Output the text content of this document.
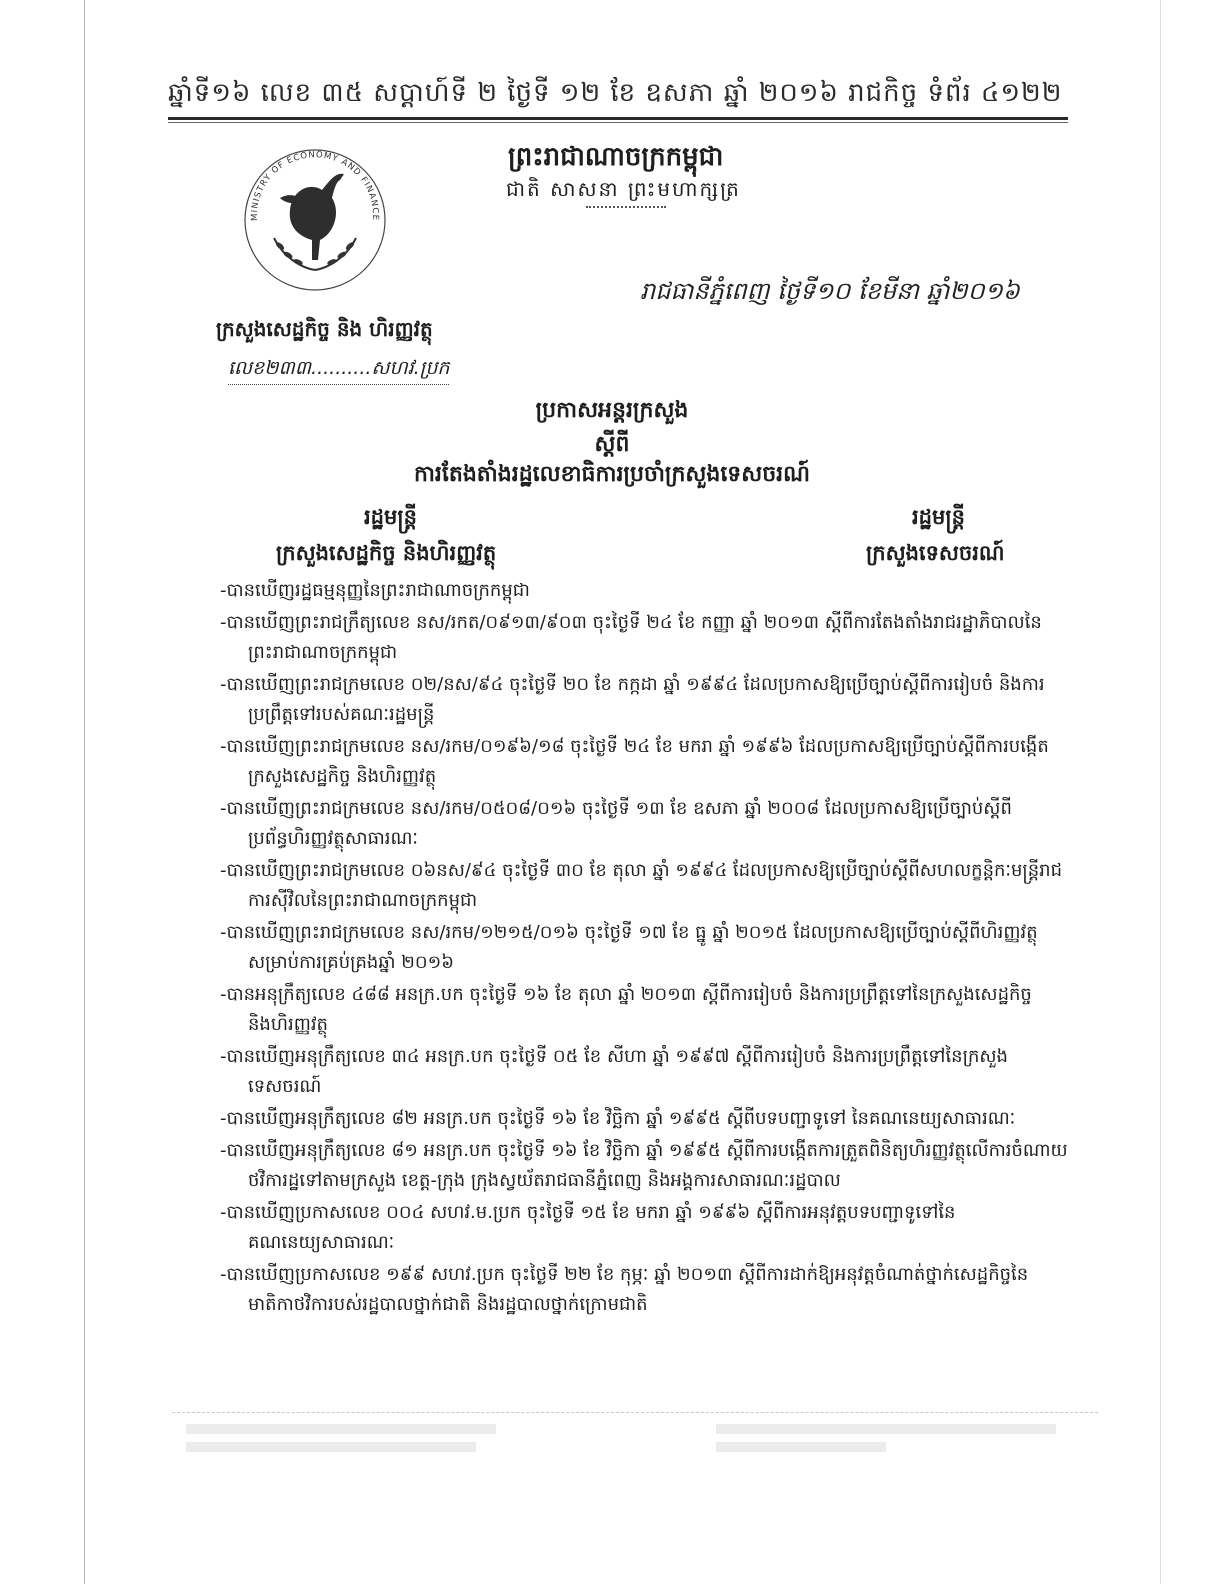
ឆ្នាំទី១៦ លេខ ៣៥ សប្ដាហ៍ទី ២ ថ្ងៃទី ១២ ខែ ឧសភា ឆ្នាំ ២០១៦ រាជកិច្ច ទំព័រ ៤១២២
MINISTRY OF ECONOMY AND FINANCE
ក្រសួងសេដ្ឋកិច្ច និង ហិរញ្ញវត្ថុ
លេខ២៣៣..........សហវ.ប្រក
ព្រះរាជាណាចក្រកម្ពុជា
ជាតិ សាសនា ព្រះមហាក្សត្រ
រាជធានីភ្នំពេញ ថ្ងៃទី១០ ខែមីនា ឆ្នាំ២០១៦
ប្រកាសអន្តរក្រសួង
ស្ដីពី
ការតែងតាំងរដ្ឋលេខាធិការប្រចាំក្រសួងទេសចរណ៍
រដ្ឋមន្ត្រី
ក្រសួងសេដ្ឋកិច្ច និងហិរញ្ញវត្ថុ
រដ្ឋមន្ត្រី
ក្រសួងទេសចរណ៍
-បានឃើញរដ្ឋធម្មនុញ្ញនៃព្រះរាជាណាចក្រកម្ពុជា
-បានឃើញព្រះរាជក្រឹត្យលេខ នស/រកត/០៩១៣/៩០៣ ចុះថ្ងៃទី ២៤ ខែ កញ្ញា ឆ្នាំ ២០១៣ ស្ដីពីការតែងតាំងរាជរដ្ឋាភិបាលនៃព្រះរាជាណាចក្រកម្ពុជា
-បានឃើញព្រះរាជក្រមលេខ ០២/នស/៩៤ ចុះថ្ងៃទី ២០ ខែ កក្កដា ឆ្នាំ ១៩៩៤ ដែលប្រកាសឱ្យប្រើច្បាប់ស្ដីពីការរៀបចំ និងការប្រព្រឹត្តទៅរបស់គណៈរដ្ឋមន្ត្រី
-បានឃើញព្រះរាជក្រមលេខ នស/រកម/០១៩៦/១៨ ចុះថ្ងៃទី ២៤ ខែ មករា ឆ្នាំ ១៩៩៦ ដែលប្រកាសឱ្យប្រើច្បាប់ស្ដីពីការបង្កើតក្រសួងសេដ្ឋកិច្ច និងហិរញ្ញវត្ថុ
-បានឃើញព្រះរាជក្រមលេខ នស/រកម/០៥០៨/០១៦ ចុះថ្ងៃទី ១៣ ខែ ឧសភា ឆ្នាំ ២០០៨ ដែលប្រកាសឱ្យប្រើច្បាប់ស្ដីពីប្រព័ន្ធហិរញ្ញវត្ថុសាធារណៈ
-បានឃើញព្រះរាជក្រមលេខ ០៦នស/៩៤ ចុះថ្ងៃទី ៣០ ខែ តុលា ឆ្នាំ ១៩៩៤ ដែលប្រកាសឱ្យប្រើច្បាប់ស្ដីពីសហលក្ខន្តិកៈមន្ត្រីរាជការស៊ីវិលនៃព្រះរាជាណាចក្រកម្ពុជា
-បានឃើញព្រះរាជក្រមលេខ នស/រកម/១២១៥/០១៦ ចុះថ្ងៃទី ១៧ ខែ ធ្នូ ឆ្នាំ ២០១៥ ដែលប្រកាសឱ្យប្រើច្បាប់ស្ដីពីហិរញ្ញវត្ថុសម្រាប់ការគ្រប់គ្រងឆ្នាំ ២០១៦
-បានអនុក្រឹត្យលេខ ៤៨៨ អនក្រ.បក ចុះថ្ងៃទី ១៦ ខែ តុលា ឆ្នាំ ២០១៣ ស្ដីពីការរៀបចំ និងការប្រព្រឹត្តទៅនៃក្រសួងសេដ្ឋកិច្ច និងហិរញ្ញវត្ថុ
-បានឃើញអនុក្រឹត្យលេខ ៣៤ អនក្រ.បក ចុះថ្ងៃទី ០៥ ខែ សីហា ឆ្នាំ ១៩៩៧ ស្ដីពីការរៀបចំ និងការប្រព្រឹត្តទៅនៃក្រសួងទេសចរណ៍
-បានឃើញអនុក្រឹត្យលេខ ៨២ អនក្រ.បក ចុះថ្ងៃទី ១៦ ខែ វិច្ឆិកា ឆ្នាំ ១៩៩៥ ស្ដីពីបទបញ្ជាទូទៅ នៃគណនេយ្យសាធារណៈ
-បានឃើញអនុក្រឹត្យលេខ ៨១ អនក្រ.បក ចុះថ្ងៃទី ១៦ ខែ វិច្ឆិកា ឆ្នាំ ១៩៩៥ ស្ដីពីការបង្កើតការត្រួតពិនិត្យហិរញ្ញវត្ថុលើការចំណាយថវិការដ្ឋទៅតាមក្រសួង ខេត្ត-ក្រុង ក្រុងស្វយ័តរាជធានីភ្នំពេញ និងអង្គការសាធារណៈរដ្ឋបាល
-បានឃើញប្រកាសលេខ ០០៤ សហវ.ម.ប្រក ចុះថ្ងៃទី ១៥ ខែ មករា ឆ្នាំ ១៩៩៦ ស្ដីពីការអនុវត្តបទបញ្ជាទូទៅនៃគណនេយ្យសាធារណៈ
-បានឃើញប្រកាសលេខ ១៩៩ សហវ.ប្រក ចុះថ្ងៃទី ២២ ខែ កុម្ភៈ ឆ្នាំ ២០១៣ ស្ដីពីការដាក់ឱ្យអនុវត្តចំណាត់ថ្នាក់សេដ្ឋកិច្ចនៃមាតិកាថវិការបស់រដ្ឋបាលថ្នាក់ជាតិ និងរដ្ឋបាលថ្នាក់ក្រោមជាតិ
